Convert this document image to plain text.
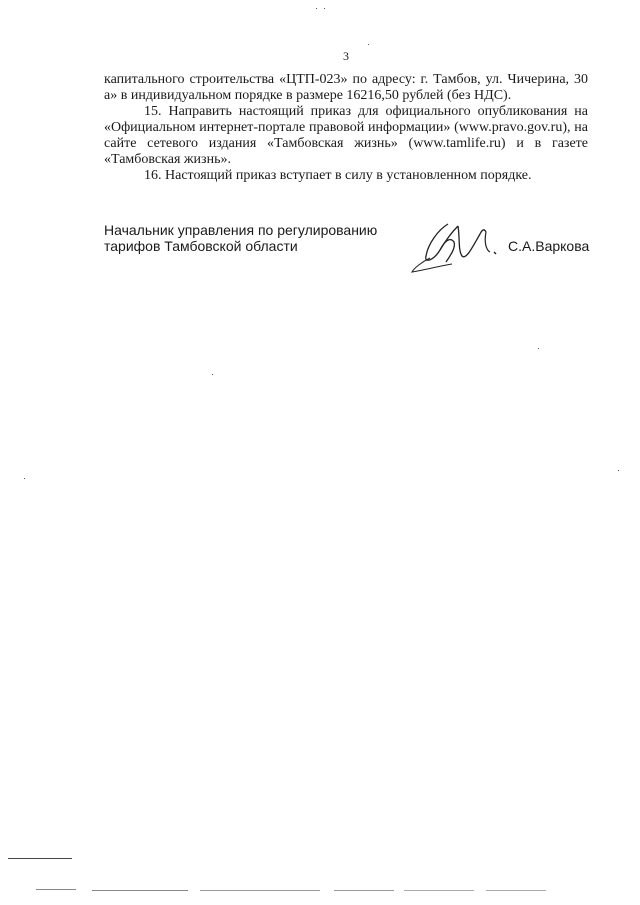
3

капитального строительства «ЦТП-023» по адресу: г. Тамбов, ул. Чичерина, 30 а» в индивидуальном порядке в размере 16216,50 рублей (без НДС).

15. Направить настоящий приказ для официального опубликования на «Официальном интернет-портале правовой информации» (www.pravo.gov.ru), на сайте сетевого издания «Тамбовская жизнь» (www.tamlife.ru) и в газете «Тамбовская жизнь».

16. Настоящий приказ вступает в силу в установленном порядке.

Начальник управления по регулированию
тарифов Тамбовской области	С.А.Варкова
